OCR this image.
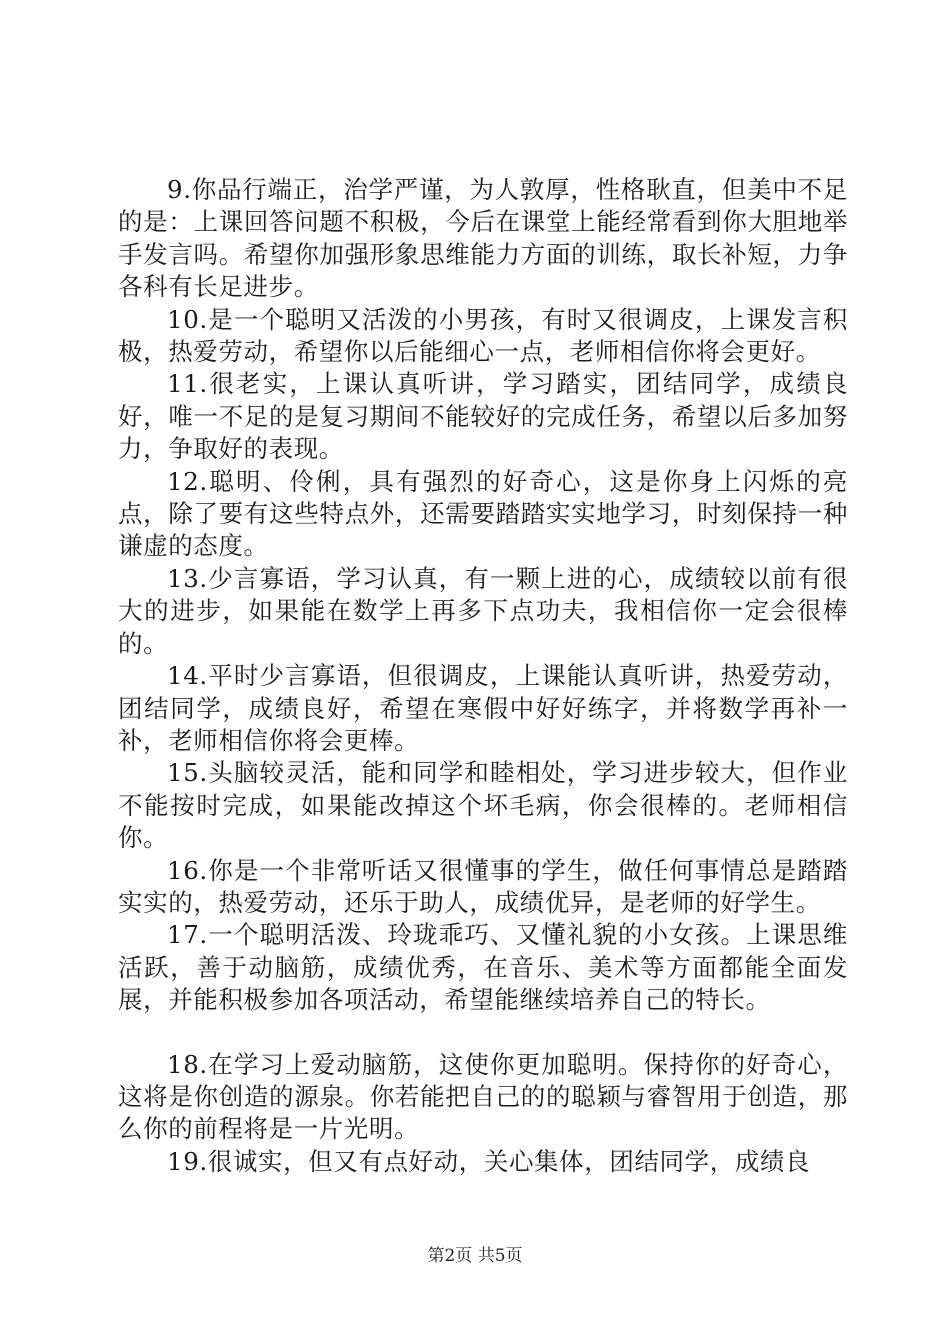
9.你品行端正，治学严谨，为人敦厚，性格耿直，但美中不足的是：上课回答问题不积极，今后在课堂上能经常看到你大胆地举手发言吗。希望你加强形象思维能力方面的训练，取长补短，力争各科有长足进步。

10.是一个聪明又活泼的小男孩，有时又很调皮，上课发言积极，热爱劳动，希望你以后能细心一点，老师相信你将会更好。

11.很老实，上课认真听讲，学习踏实，团结同学，成绩良好，唯一不足的是复习期间不能较好的完成任务，希望以后多加努力，争取好的表现。

12.聪明、伶俐，具有强烈的好奇心，这是你身上闪烁的亮点，除了要有这些特点外，还需要踏踏实实地学习，时刻保持一种谦虚的态度。

13.少言寡语，学习认真，有一颗上进的心，成绩较以前有很大的进步，如果能在数学上再多下点功夫，我相信你一定会很棒的。

14.平时少言寡语，但很调皮，上课能认真听讲，热爱劳动，团结同学，成绩良好，希望在寒假中好好练字，并将数学再补一补，老师相信你将会更棒。

15.头脑较灵活，能和同学和睦相处，学习进步较大，但作业不能按时完成，如果能改掉这个坏毛病，你会很棒的。老师相信你。

16.你是一个非常听话又很懂事的学生，做任何事情总是踏踏实实的，热爱劳动，还乐于助人，成绩优异，是老师的好学生。

17.一个聪明活泼、玲珑乖巧、又懂礼貌的小女孩。上课思维活跃，善于动脑筋，成绩优秀，在音乐、美术等方面都能全面发展，并能积极参加各项活动，希望能继续培养自己的特长。

18.在学习上爱动脑筋，这使你更加聪明。保持你的好奇心，这将是你创造的源泉。你若能把自己的的聪颖与睿智用于创造，那么你的前程将是一片光明。

19.很诚实，但又有点好动，关心集体，团结同学，成绩良

第2页 共5页
